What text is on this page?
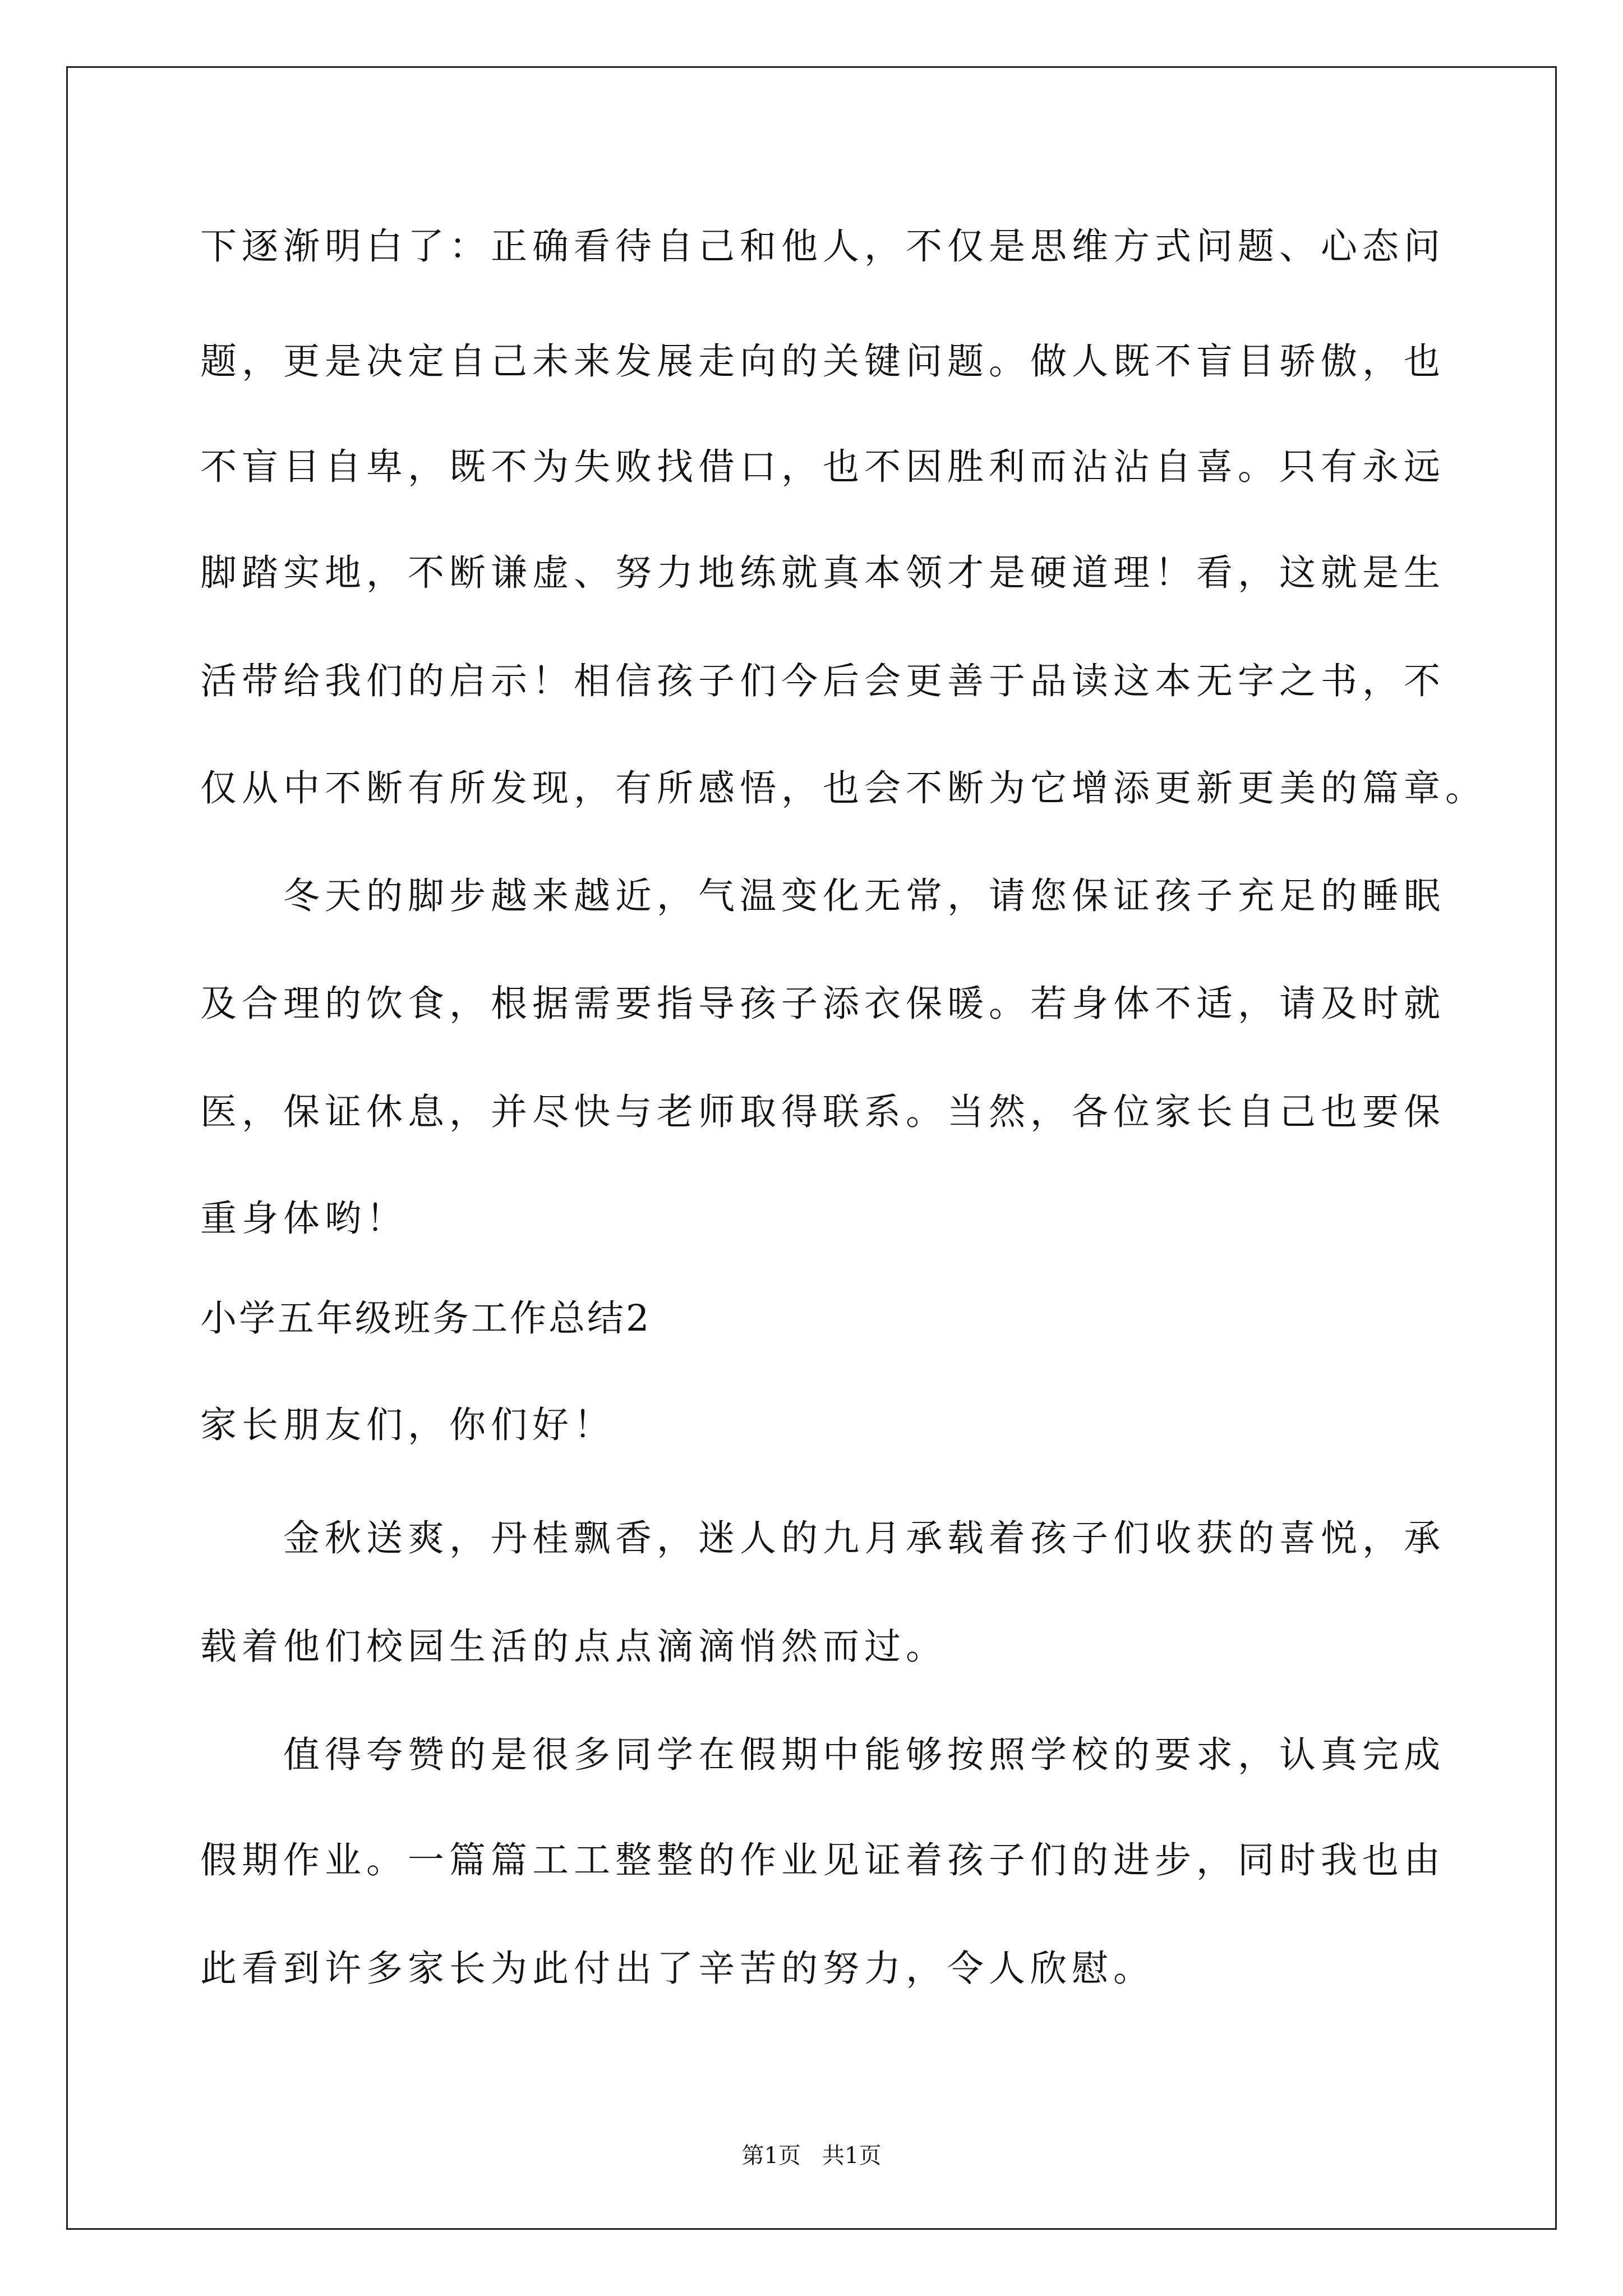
下逐渐明白了：正确看待自己和他人，不仅是思维方式问题、心态问
题，更是决定自己未来发展走向的关键问题。做人既不盲目骄傲，也
不盲目自卑，既不为失败找借口，也不因胜利而沾沾自喜。只有永远
脚踏实地，不断谦虚、努力地练就真本领才是硬道理！看，这就是生
活带给我们的启示！相信孩子们今后会更善于品读这本无字之书，不
仅从中不断有所发现，有所感悟，也会不断为它增添更新更美的篇章。
冬天的脚步越来越近，气温变化无常，请您保证孩子充足的睡眠
及合理的饮食，根据需要指导孩子添衣保暖。若身体不适，请及时就
医，保证休息，并尽快与老师取得联系。当然，各位家长自己也要保
重身体哟！
小学五年级班务工作总结2
家长朋友们，你们好！
金秋送爽，丹桂飘香，迷人的九月承载着孩子们收获的喜悦，承
载着他们校园生活的点点滴滴悄然而过。
值得夸赞的是很多同学在假期中能够按照学校的要求，认真完成
假期作业。一篇篇工工整整的作业见证着孩子们的进步，同时我也由
此看到许多家长为此付出了辛苦的努力，令人欣慰。
第1页   共1页
